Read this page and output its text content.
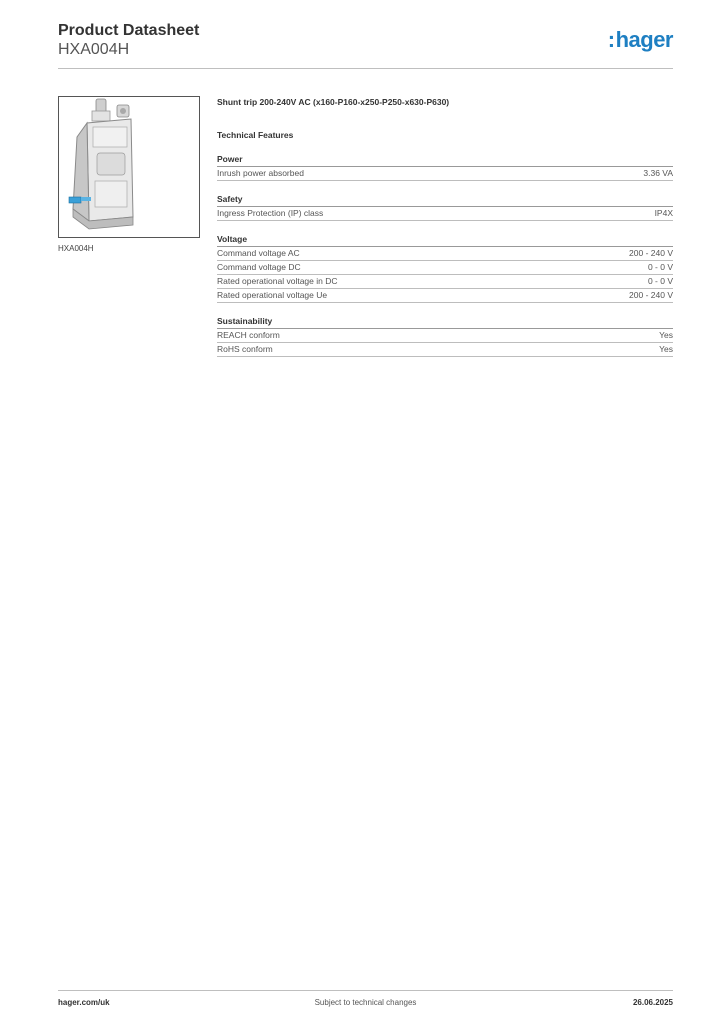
Product Datasheet
HXA004H	:hager
HXA004H
Shunt trip 200-240V AC (x160-P160-x250-P250-x630-P630)
Technical Features
Power
Inrush power absorbed	3.36 VA
Safety
Ingress Protection (IP) class	IP4X
Voltage
Command voltage AC	200 - 240 V
Command voltage DC	0 - 0 V
Rated operational voltage in DC	0 - 0 V
Rated operational voltage Ue	200 - 240 V
Sustainability
REACH conform	Yes
RoHS conform	Yes
hager.com/uk	Subject to technical changes	26.06.2025
